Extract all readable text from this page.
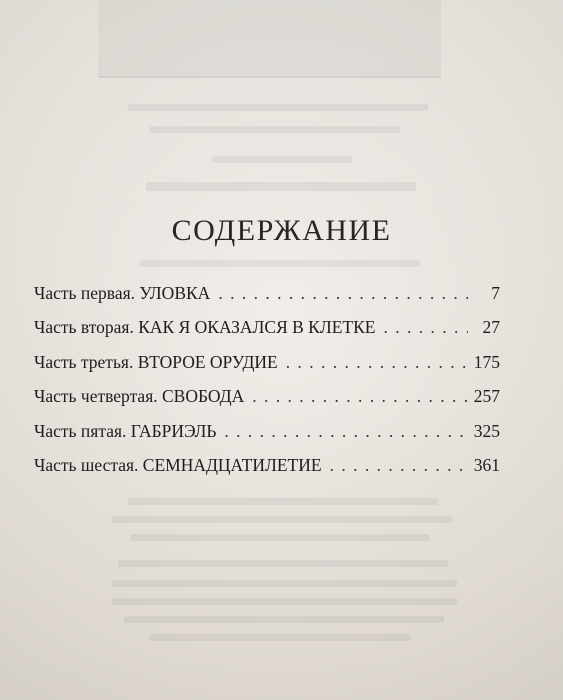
СОДЕРЖАНИЕ
Часть первая. УЛОВКА . . .	7
Часть вторая. КАК Я ОКАЗАЛСЯ В КЛЕТКЕ . . .	27
Часть третья. ВТОРОЕ ОРУДИЕ . . .	175
Часть четвертая. СВОБОДА . . .	257
Часть пятая. ГАБРИЭЛЬ . . .	325
Часть шестая. СЕМНАДЦАТИЛЕТИЕ . . .	361
